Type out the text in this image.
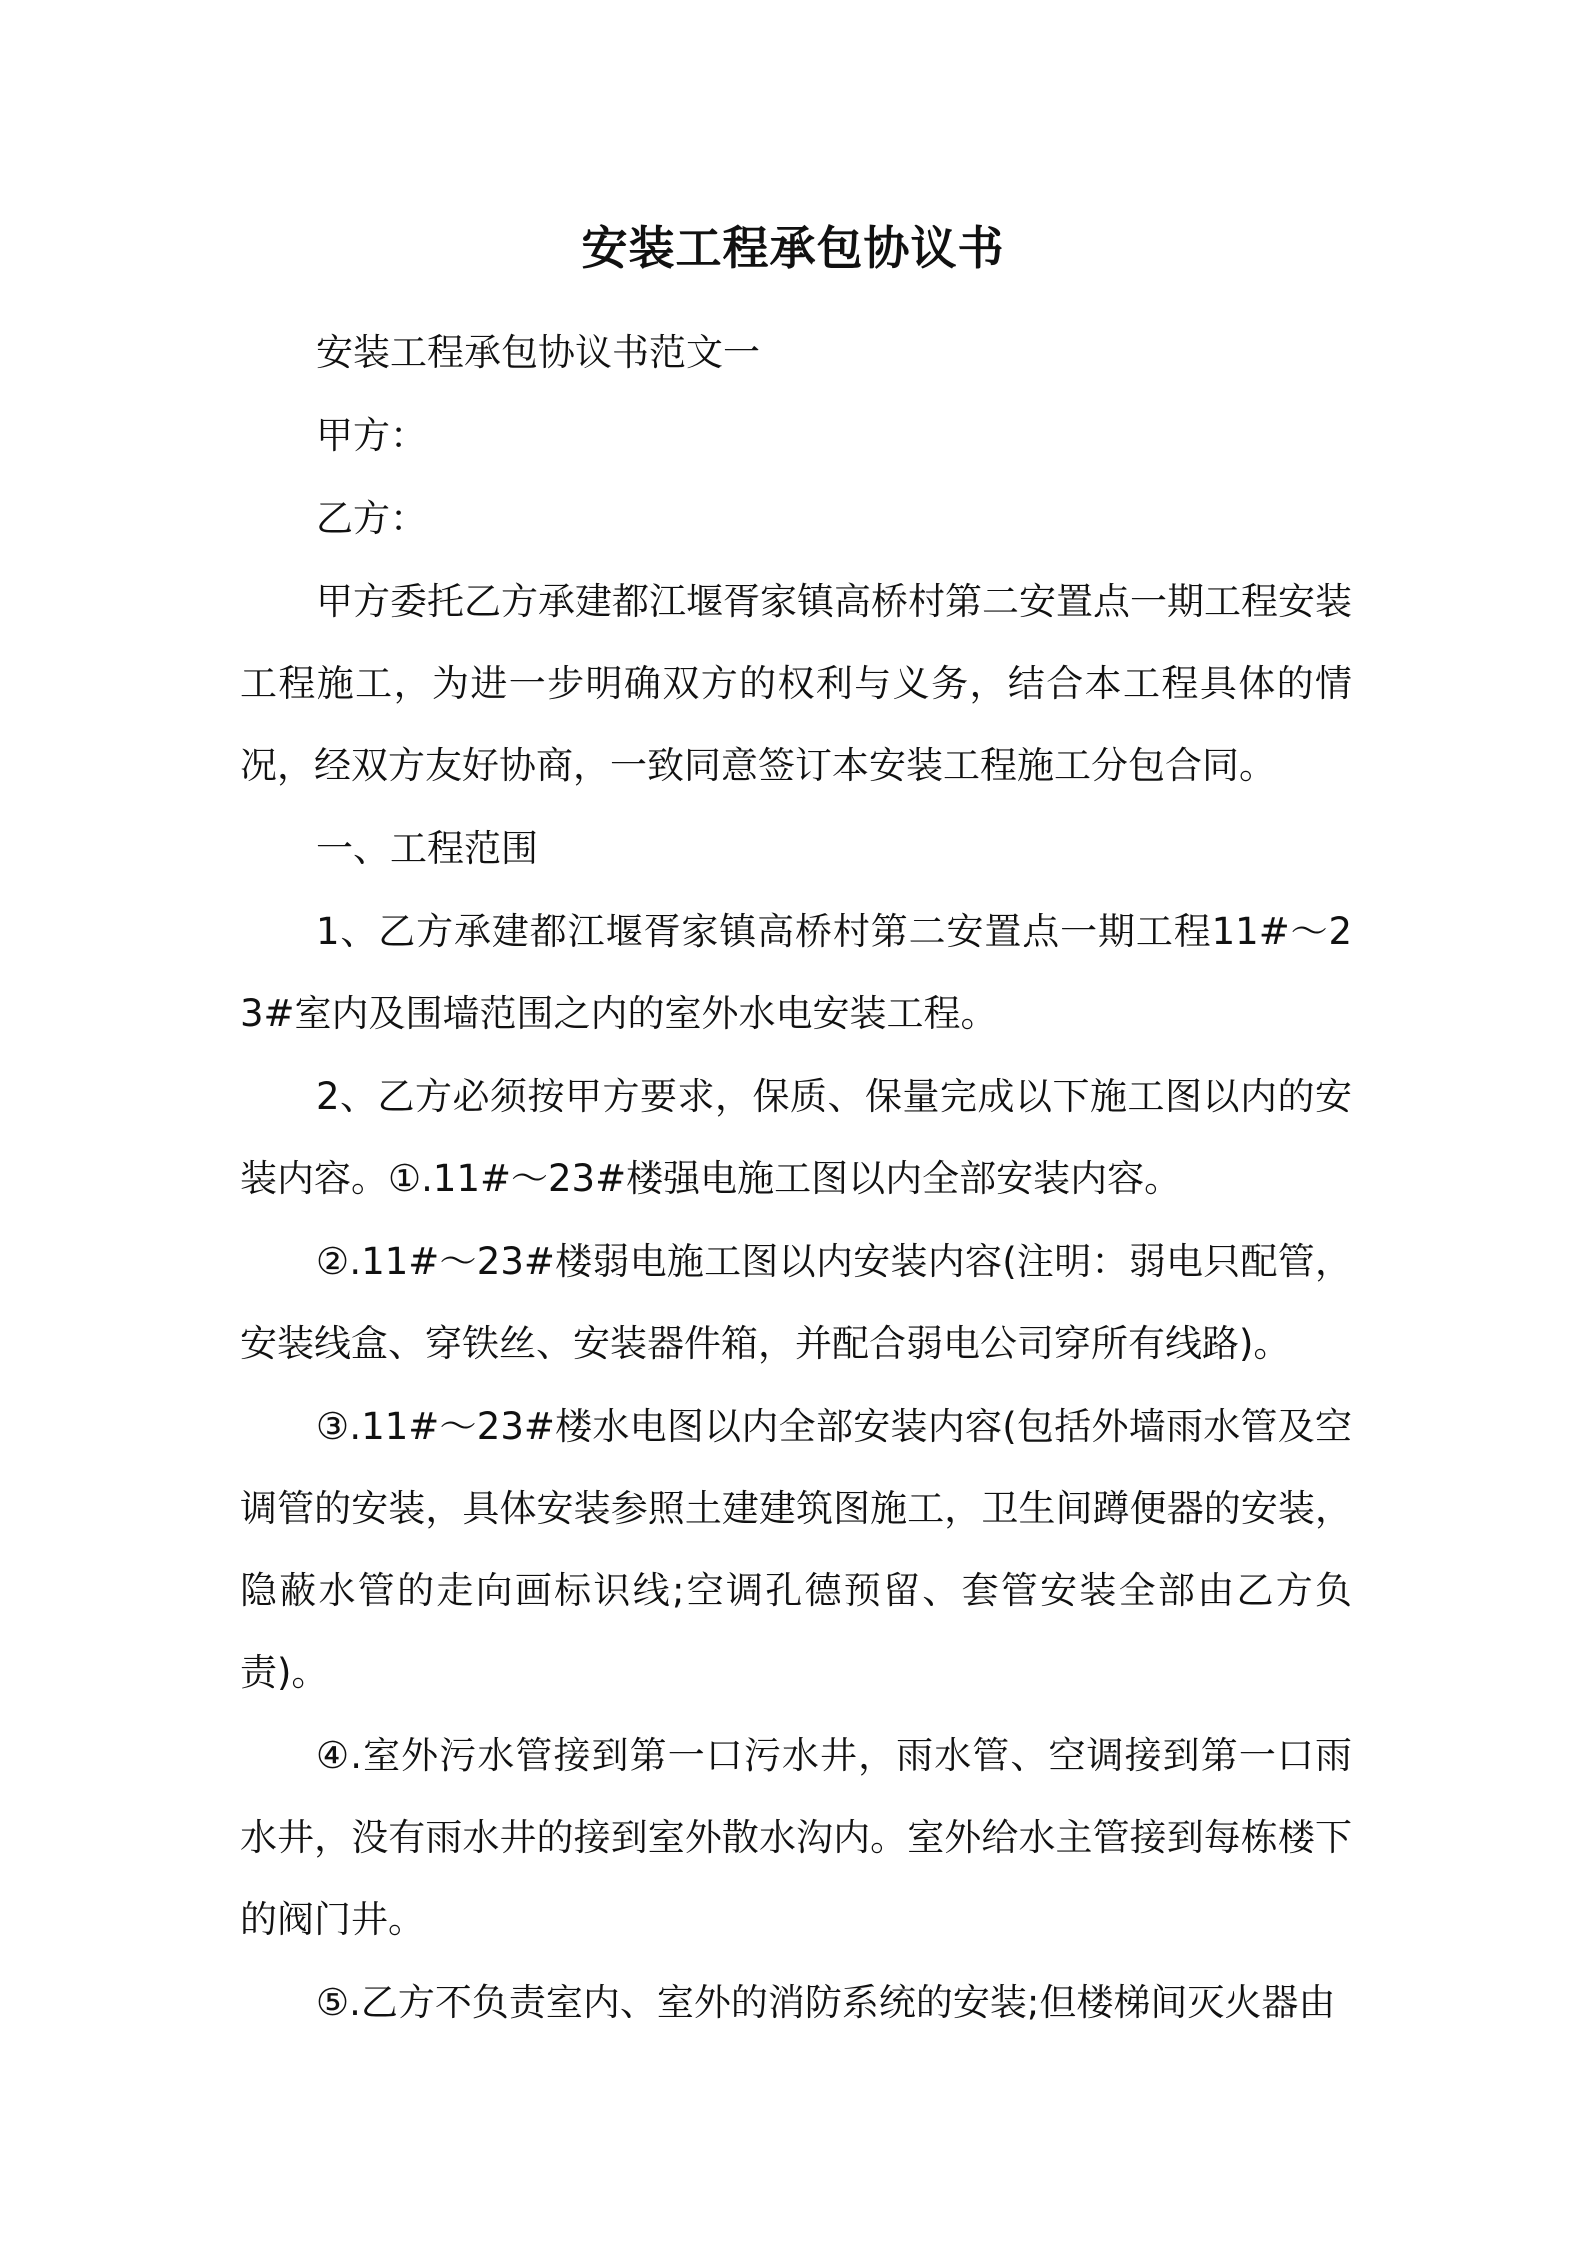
安装工程承包协议书

安装工程承包协议书范文一

甲方：

乙方：

甲方委托乙方承建都江堰胥家镇高桥村第二安置点一期工程安装工程施工，为进一步明确双方的权利与义务，结合本工程具体的情况，经双方友好协商，一致同意签订本安装工程施工分包合同。

一、工程范围

1、乙方承建都江堰胥家镇高桥村第二安置点一期工程11#～23#室内及围墙范围之内的室外水电安装工程。

2、乙方必须按甲方要求，保质、保量完成以下施工图以内的安装内容。①.11#～23#楼强电施工图以内全部安装内容。

②.11#～23#楼弱电施工图以内安装内容(注明：弱电只配管，安装线盒、穿铁丝、安装器件箱，并配合弱电公司穿所有线路)。

③.11#～23#楼水电图以内全部安装内容(包括外墙雨水管及空调管的安装，具体安装参照土建建筑图施工，卫生间蹲便器的安装，隐蔽水管的走向画标识线;空调孔德预留、套管安装全部由乙方负责)。

④.室外污水管接到第一口污水井，雨水管、空调接到第一口雨水井，没有雨水井的接到室外散水沟内。室外给水主管接到每栋楼下的阀门井。

⑤.乙方不负责室内、室外的消防系统的安装;但楼梯间灭火器由
